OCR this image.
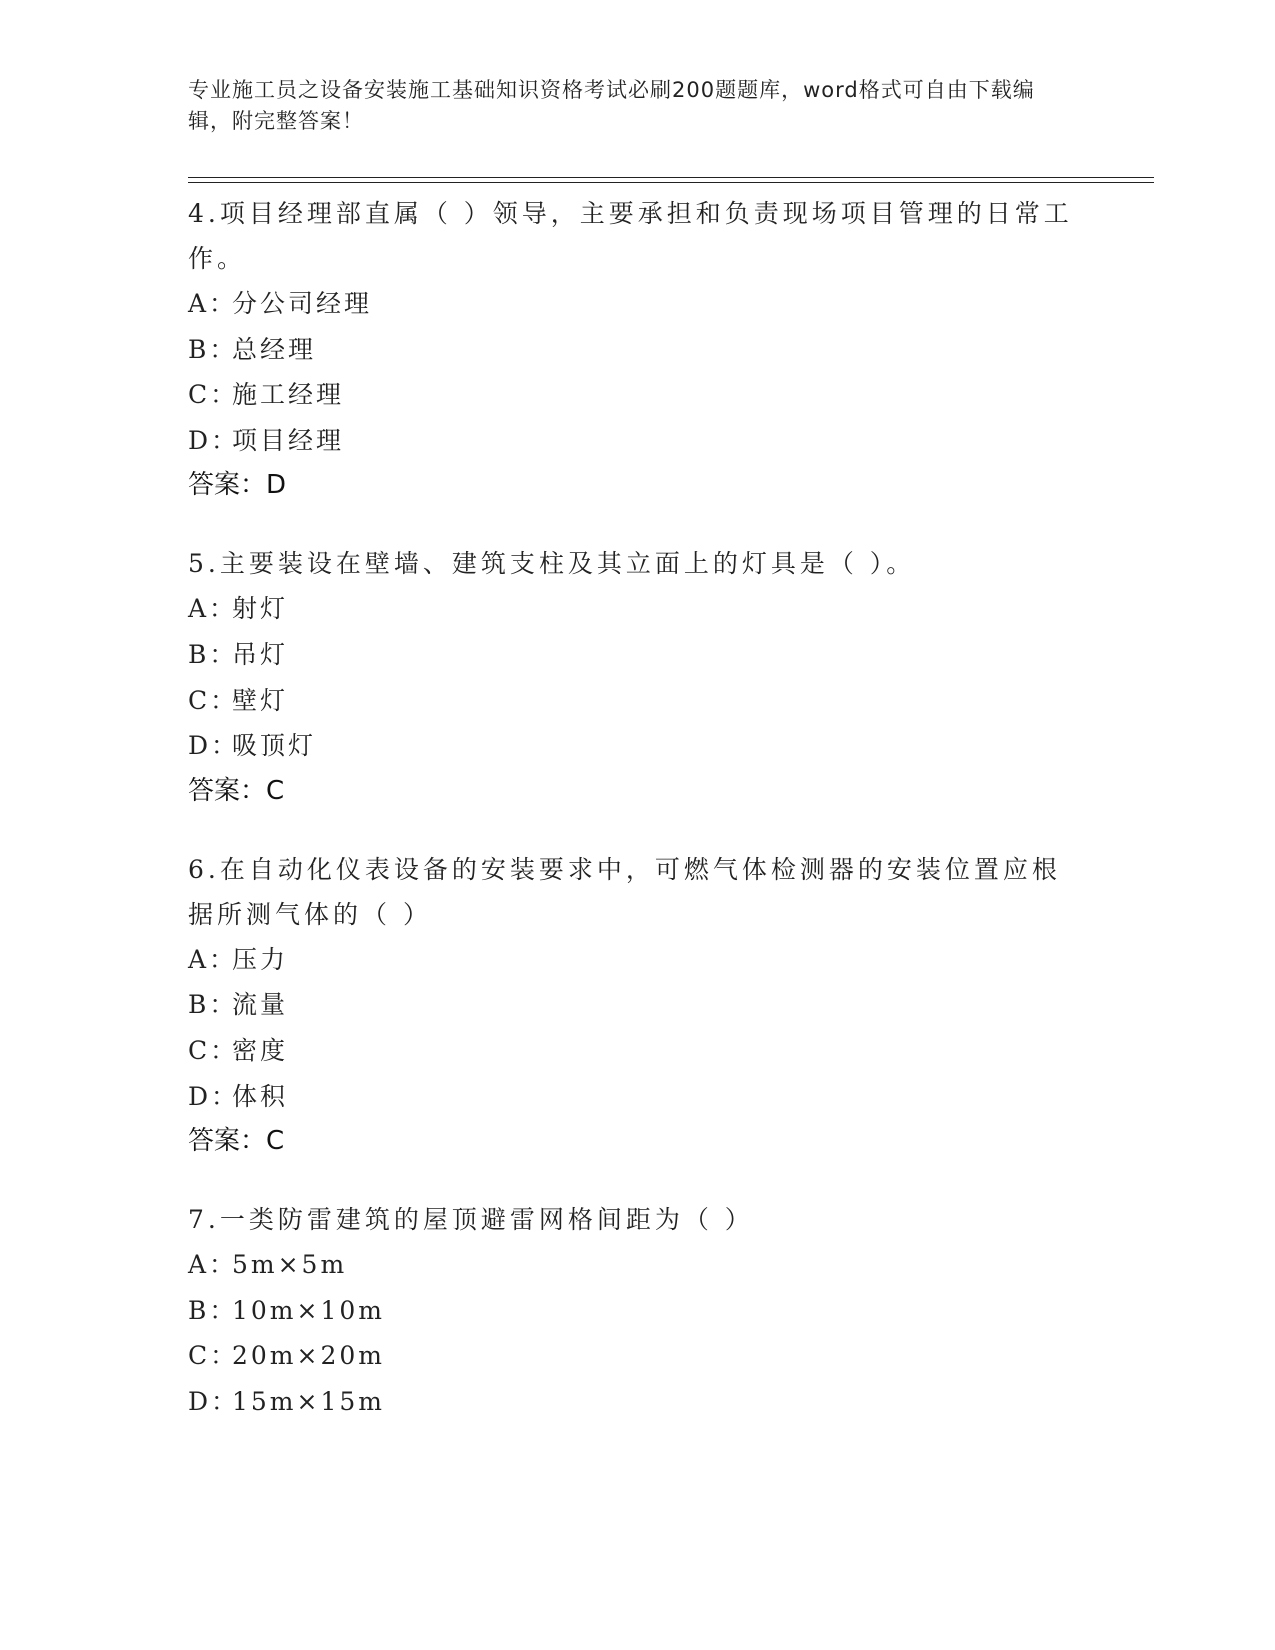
专业施工员之设备安装施工基础知识资格考试必刷200题题库，word格式可自由下载编辑，附完整答案！
4.项目经理部直属（ ）领导，主要承担和负责现场项目管理的日常工作。
A：分公司经理
B：总经理
C：施工经理
D：项目经理
答案：D
5.主要装设在壁墙、建筑支柱及其立面上的灯具是（ ）。
A：射灯
B：吊灯
C：壁灯
D：吸顶灯
答案：C
6.在自动化仪表设备的安装要求中，可燃气体检测器的安装位置应根据所测气体的（ ）
A：压力
B：流量
C：密度
D：体积
答案：C
7.一类防雷建筑的屋顶避雷网格间距为（ ）
A：5m×5m
B：10m×10m
C：20m×20m
D：15m×15m
